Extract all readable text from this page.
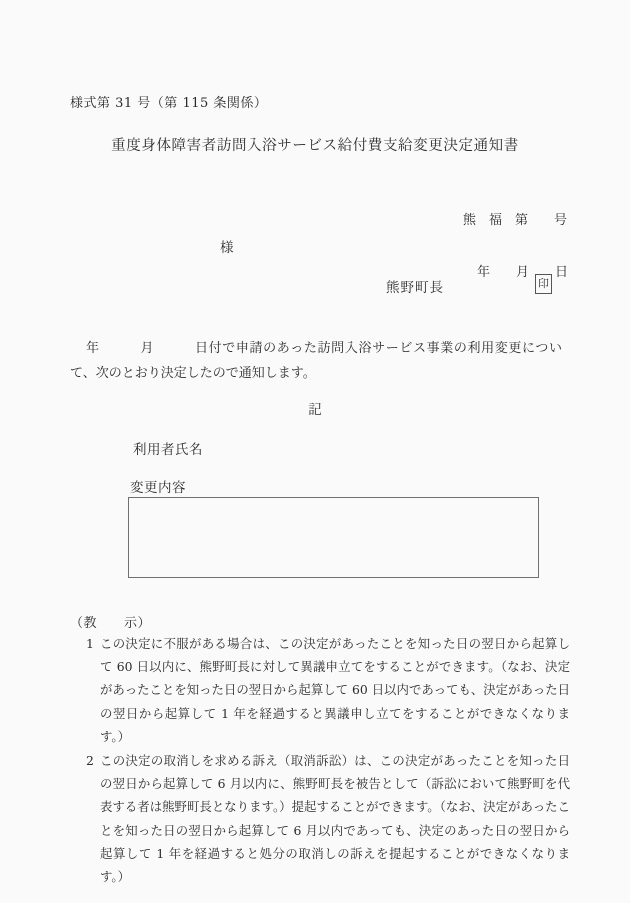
様式第 31 号（第 115 条関係）
重度身体障害者訪問入浴サービス給付費支給変更決定通知書

熊　福　第　　号

年　　月　　日

様
熊野町長	印
年　　　月　　　日付で申請のあった訪問入浴サービス事業の利用変更について、次のとおり決定したので通知します。
記
利用者氏名
変更内容
（教　　示）
1 この決定に不服がある場合は、この決定があったことを知った日の翌日から起算して 60 日以内に、熊野町長に対して異議申立てをすることができます。（なお、決定があったことを知った日の翌日から起算して 60 日以内であっても、決定があった日の翌日から起算して 1 年を経過すると異議申し立てをすることができなくなります。）
2 この決定の取消しを求める訴え（取消訴訟）は、この決定があったことを知った日の翌日から起算して 6 月以内に、熊野町長を被告として（訴訟において熊野町を代表する者は熊野町長となります。）提起することができます。（なお、決定があったことを知った日の翌日から起算して 6 月以内であっても、決定のあった日の翌日から起算して 1 年を経過すると処分の取消しの訴えを提起することができなくなります。）
